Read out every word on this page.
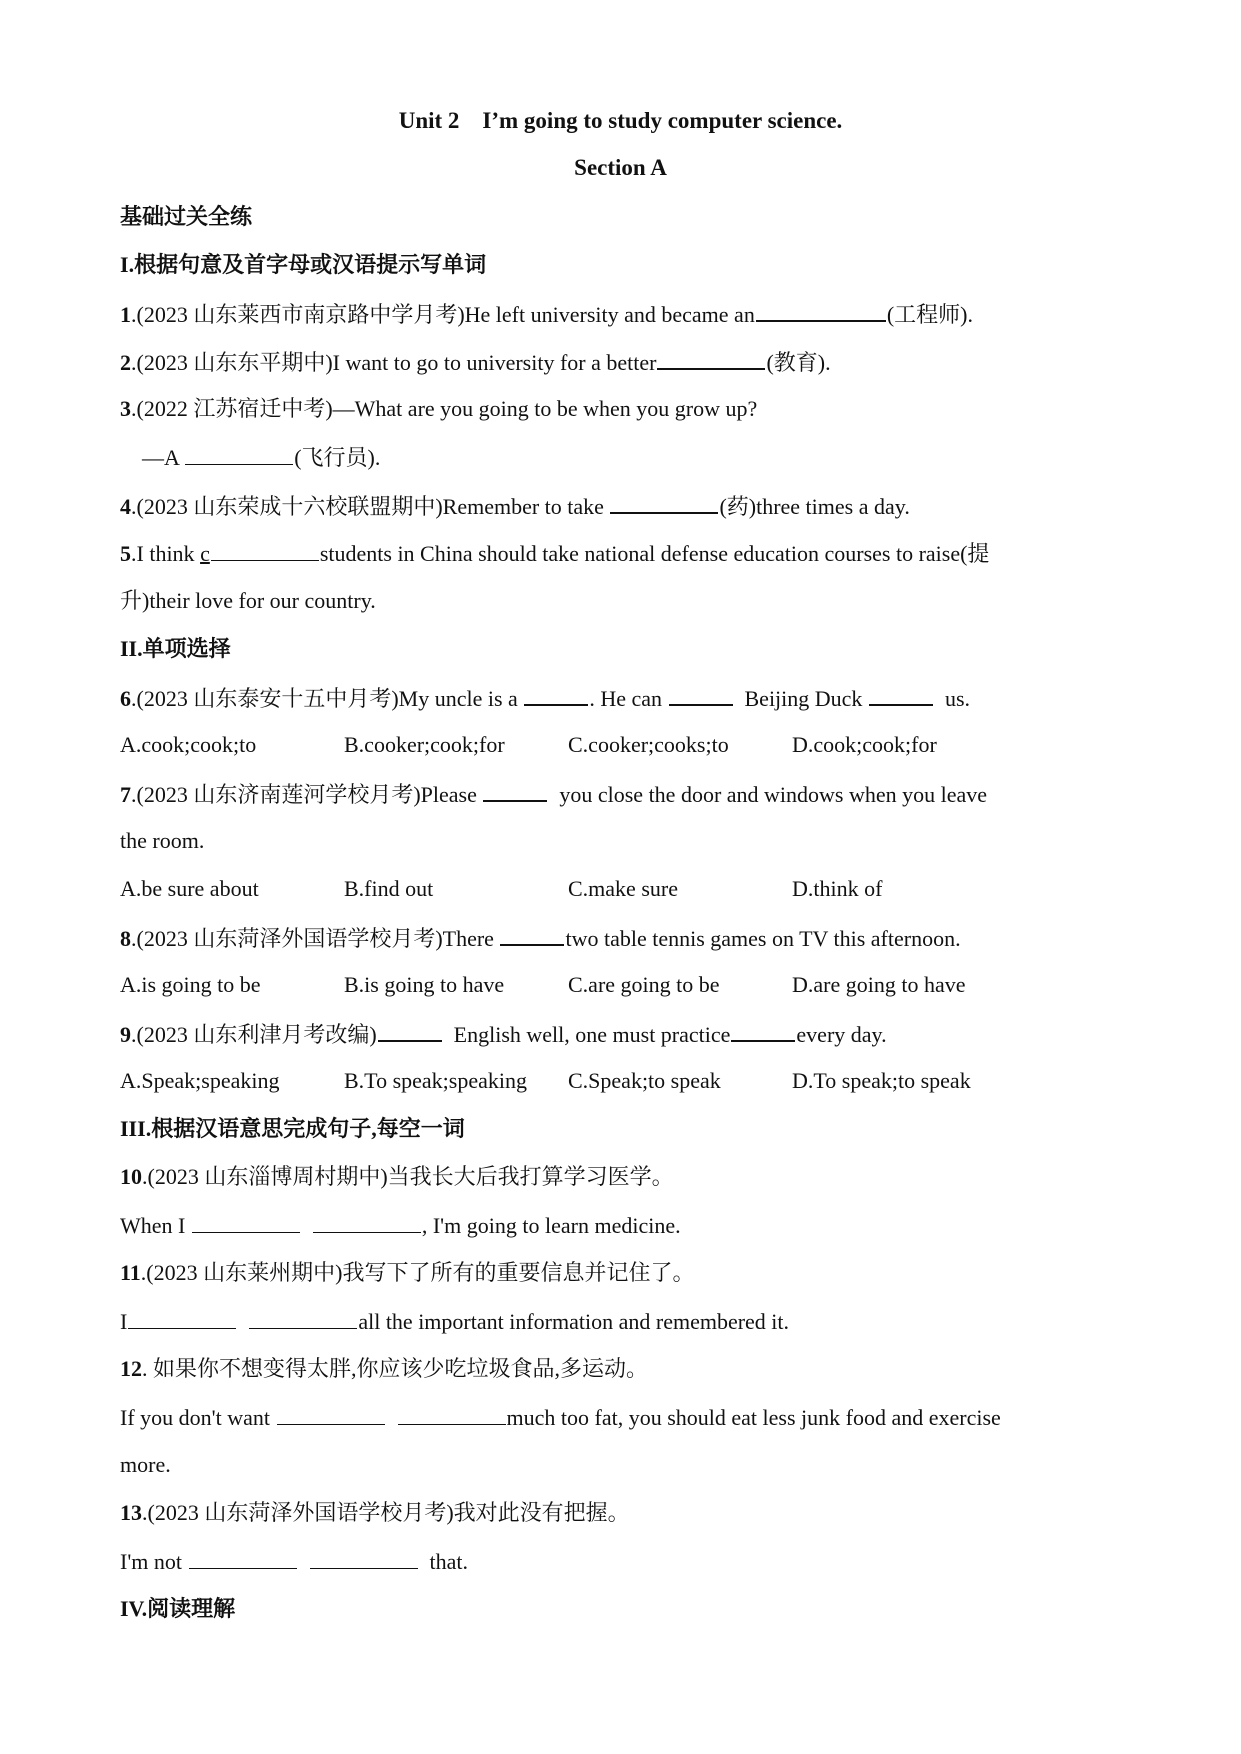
Unit 2    I’m going to study computer science.
Section A
基础过关全练
I.根据句意及首字母或汉语提示写单词
1.(2023 山东莱西市南京路中学月考)He left university and became an	(工程师).
2.(2023 山东东平期中)I want to go to university for a better	(教育).
3.(2022 江苏宿迁中考)—What are you going to be when you grow up?
—A	(飞行员).
4.(2023 山东荣成十六校联盟期中)Remember to take	(药)three times a day.
5.I think c	students in China should take national defense education courses to raise(提
升)their love for our country.
II.单项选择
6.(2023 山东泰安十五中月考)My uncle is a	. He can	Beijing Duck	us.
A.cook;cook;to	B.cooker;cook;for	C.cooker;cooks;to	D.cook;cook;for
7.(2023 山东济南莲河学校月考)Please	you close the door and windows when you leave
the room.
A.be sure about	B.find out	C.make sure	D.think of
8.(2023 山东菏泽外国语学校月考)There	two table tennis games on TV this afternoon.
A.is going to be	B.is going to have	C.are going to be	D.are going to have
9.(2023 山东利津月考改编)	English well, one must practice	every day.
A.Speak;speaking	B.To speak;speaking C.Speak;to speak	D.To speak;to speak
III.根据汉语意思完成句子,每空一词
10.(2023 山东淄博周村期中)当我长大后我打算学习医学。
When I	, I'm going to learn medicine.
11.(2023 山东莱州期中)我写下了所有的重要信息并记住了。
I	all the important information and remembered it.
12. 如果你不想变得太胖,你应该少吃垃圾食品,多运动。
If you don't want	much too fat, you should eat less junk food and exercise
more.
13.(2023 山东菏泽外国语学校月考)我对此没有把握。
I'm not	that.
IV.阅读理解
